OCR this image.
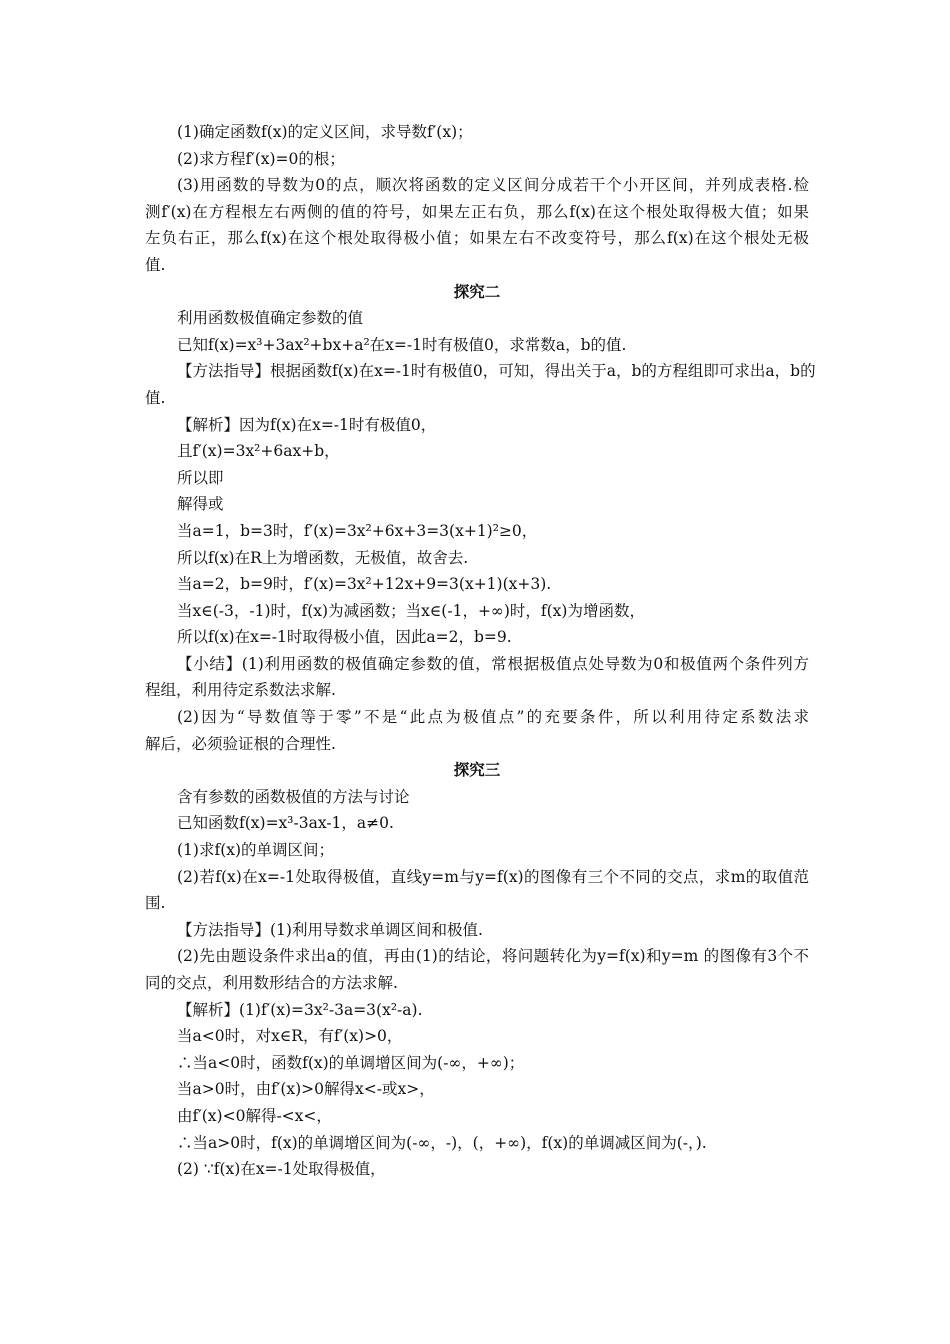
(1)确定函数f(x)的定义区间，求导数f′(x)；
(2)求方程f′(x)=0的根；
(3)用函数的导数为0的点，顺次将函数的定义区间分成若干个小开区间，并列成表格.检
测f′(x)在方程根左右两侧的值的符号，如果左正右负，那么f(x)在这个根处取得极大值；如果
左负右正，那么f(x)在这个根处取得极小值；如果左右不改变符号，那么f(x)在这个根处无极
值.
探究二
利用函数极值确定参数的值
已知f(x)=x³+3ax²+bx+a²在x=-1时有极值0，求常数a，b的值.
【方法指导】根据函数f(x)在x=-1时有极值0，可知，得出关于a，b的方程组即可求出a，b的
值.
【解析】因为f(x)在x=-1时有极值0，
且f′(x)=3x²+6ax+b，
所以即
解得或
当a=1，b=3时，f′(x)=3x²+6x+3=3(x+1)²≥0，
所以f(x)在R上为增函数，无极值，故舍去.
当a=2，b=9时，f′(x)=3x²+12x+9=3(x+1)(x+3).
当x∈(-3，-1)时，f(x)为减函数；当x∈(-1，+∞)时，f(x)为增函数，
所以f(x)在x=-1时取得极小值，因此a=2，b=9.
【小结】(1)利用函数的极值确定参数的值，常根据极值点处导数为0和极值两个条件列方
程组，利用待定系数法求解.
(2)因为“导数值等于零”不是“此点为极值点”的充要条件，所以利用待定系数法求
解后，必须验证根的合理性.
探究三
含有参数的函数极值的方法与讨论
已知函数f(x)=x³-3ax-1，a≠0.
(1)求f(x)的单调区间；
(2)若f(x)在x=-1处取得极值，直线y=m与y=f(x)的图像有三个不同的交点，求m的取值范
围.
【方法指导】(1)利用导数求单调区间和极值.
(2)先由题设条件求出a的值，再由(1)的结论，将问题转化为y=f(x)和y=m 的图像有3个不
同的交点，利用数形结合的方法求解.
【解析】(1)f′(x)=3x²-3a=3(x²-a).
当a<0时，对x∈R，有f′(x)>0，
∴当a<0时，函数f(x)的单调增区间为(-∞，+∞)；
当a>0时，由f′(x)>0解得x<-或x>，
由f′(x)<0解得-<x<，
∴当a>0时，f(x)的单调增区间为(-∞，-)，(，+∞)，f(x)的单调减区间为(-，).
(2) ∵f(x)在x=-1处取得极值，
